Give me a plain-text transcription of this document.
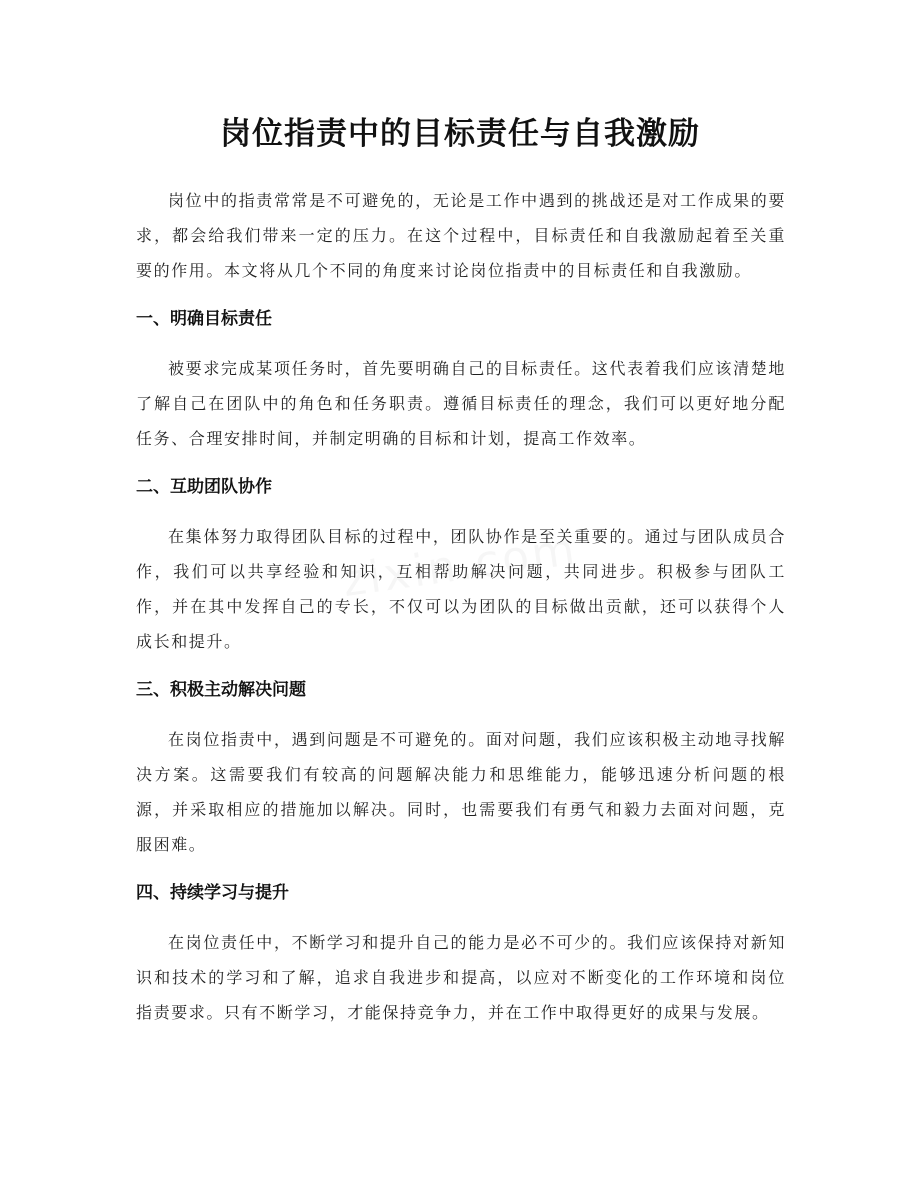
岗位指责中的目标责任与自我激励

岗位中的指责常常是不可避免的，无论是工作中遇到的挑战还是对工作成果的要求，都会给我们带来一定的压力。在这个过程中，目标责任和自我激励起着至关重要的作用。本文将从几个不同的角度来讨论岗位指责中的目标责任和自我激励。

一、明确目标责任

被要求完成某项任务时，首先要明确自己的目标责任。这代表着我们应该清楚地了解自己在团队中的角色和任务职责。遵循目标责任的理念，我们可以更好地分配任务、合理安排时间，并制定明确的目标和计划，提高工作效率。

二、互助团队协作

在集体努力取得团队目标的过程中，团队协作是至关重要的。通过与团队成员合作，我们可以共享经验和知识，互相帮助解决问题，共同进步。积极参与团队工作，并在其中发挥自己的专长，不仅可以为团队的目标做出贡献，还可以获得个人成长和提升。

三、积极主动解决问题

在岗位指责中，遇到问题是不可避免的。面对问题，我们应该积极主动地寻找解决方案。这需要我们有较高的问题解决能力和思维能力，能够迅速分析问题的根源，并采取相应的措施加以解决。同时，也需要我们有勇气和毅力去面对问题，克服困难。

四、持续学习与提升

在岗位责任中，不断学习和提升自己的能力是必不可少的。我们应该保持对新知识和技术的学习和了解，追求自我进步和提高，以应对不断变化的工作环境和岗位指责要求。只有不断学习，才能保持竞争力，并在工作中取得更好的成果与发展。
